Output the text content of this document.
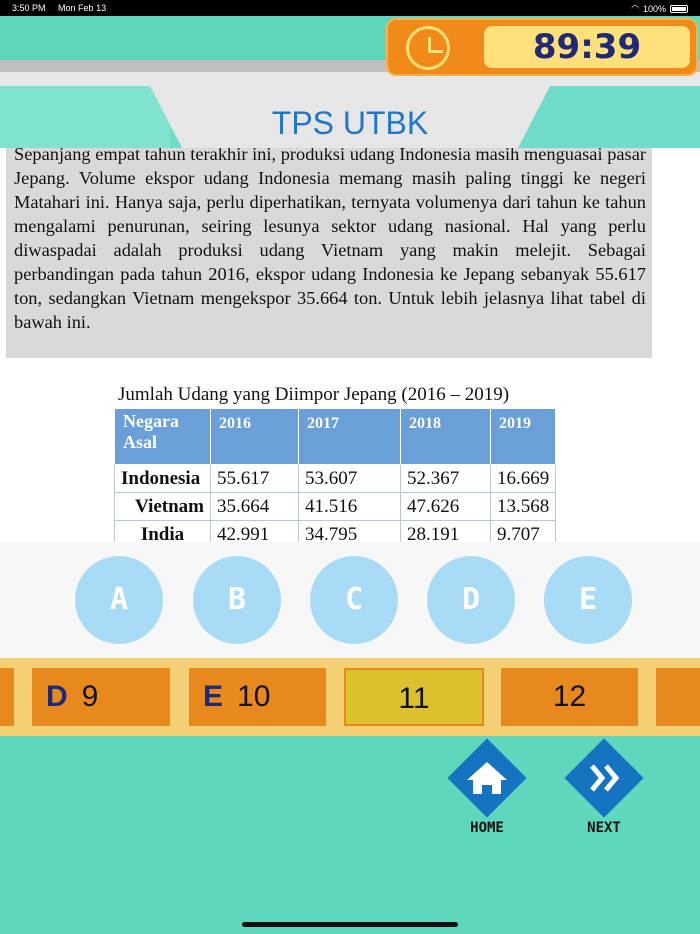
3:50 PM Mon Feb 13	◠ 100%
89:39
TPS UTBK
Sepanjang empat tahun terakhir ini, produksi udang Indonesia masih menguasai pasar Jepang. Volume ekspor udang Indonesia memang masih paling tinggi ke negeri Matahari ini. Hanya saja, perlu diperhatikan, ternyata volumenya dari tahun ke tahun mengalami penurunan, seiring lesunya sektor udang nasional. Hal yang perlu diwaspadai adalah produksi udang Vietnam yang makin melejit. Sebagai perbandingan pada tahun 2016, ekspor udang Indonesia ke Jepang sebanyak 55.617 ton, sedangkan Vietnam mengekspor 35.664 ton. Untuk lebih jelasnya lihat tabel di bawah ini.
Jumlah Udang yang Diimpor Jepang (2016 – 2019)
Negara Asal	2016	2017	2018	2019
Indonesia	55.617	53.607	52.367	16.669
Vietnam	35.664	41.516	47.626	13.568
India	42.991	34.795	28.191	9.707
A	B	C	D	E
D 9	E 10	11	12
HOME	NEXT
